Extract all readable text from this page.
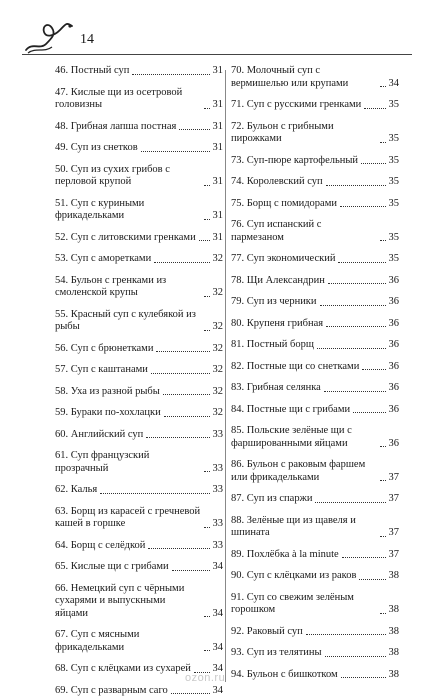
14
46. Постный суп	31
47. Кислые щи из осетровой головизны	31
48. Грибная лапша постная	31
49. Суп из снетков	31
50. Суп из сухих грибов с перловой крупой	31
51. Суп с куриными фрикадельками	31
52. Суп с литовскими гренками 31
53. Суп с аморетками	32
54. Бульон с гренками из смоленской крупы	32
55. Красный суп с кулебякой из рыбы	32
56. Суп с брюнетками	32
57. Суп с каштанами	32
58. Уха из разной рыбы	32
59. Бураки по-хохлацки	32
60. Английский суп	33
61. Суп французский прозрачный	33
62. Калья	33
63. Борщ из карасей с гречневой кашей в горшке	33
64. Борщ с селёдкой	33
65. Кислые щи с грибами	34
66. Немецкий суп с чёрными сухарями и выпускными яйцами	34
67. Суп с мясными фрикадельками	34
68. Суп с клёцками из сухарей 34
69. Суп с разварным саго	34
70. Молочный суп с вермишелью или крупами	34
71. Суп с русскими гренками	35
72. Бульон с грибными пирожками	35
73. Суп-пюре картофельный	35
74. Королевский суп	35
75. Борщ с помидорами	35
76. Суп испанский с пармезаном	35
77. Суп экономический	35
78. Щи Александрин	36
79. Суп из черники	36
80. Крупеня грибная	36
81. Постный борщ	36
82. Постные щи со снетками	36
83. Грибная селянка	36
84. Постные щи с грибами	36
85. Польские зелёные щи с фаршированными яйцами	36
86. Бульон с раковым фаршем или фрикадельками	37
87. Суп из спаржи	37
88. Зелёные щи из щавеля и шпината	37
89. Похлёбка à la minute	37
90. Суп с клёцками из раков	38
91. Суп со свежим зелёным горошком	38
92. Раковый суп	38
93. Суп из телятины	38
94. Бульон с бишкотком	38
ozon.ru
